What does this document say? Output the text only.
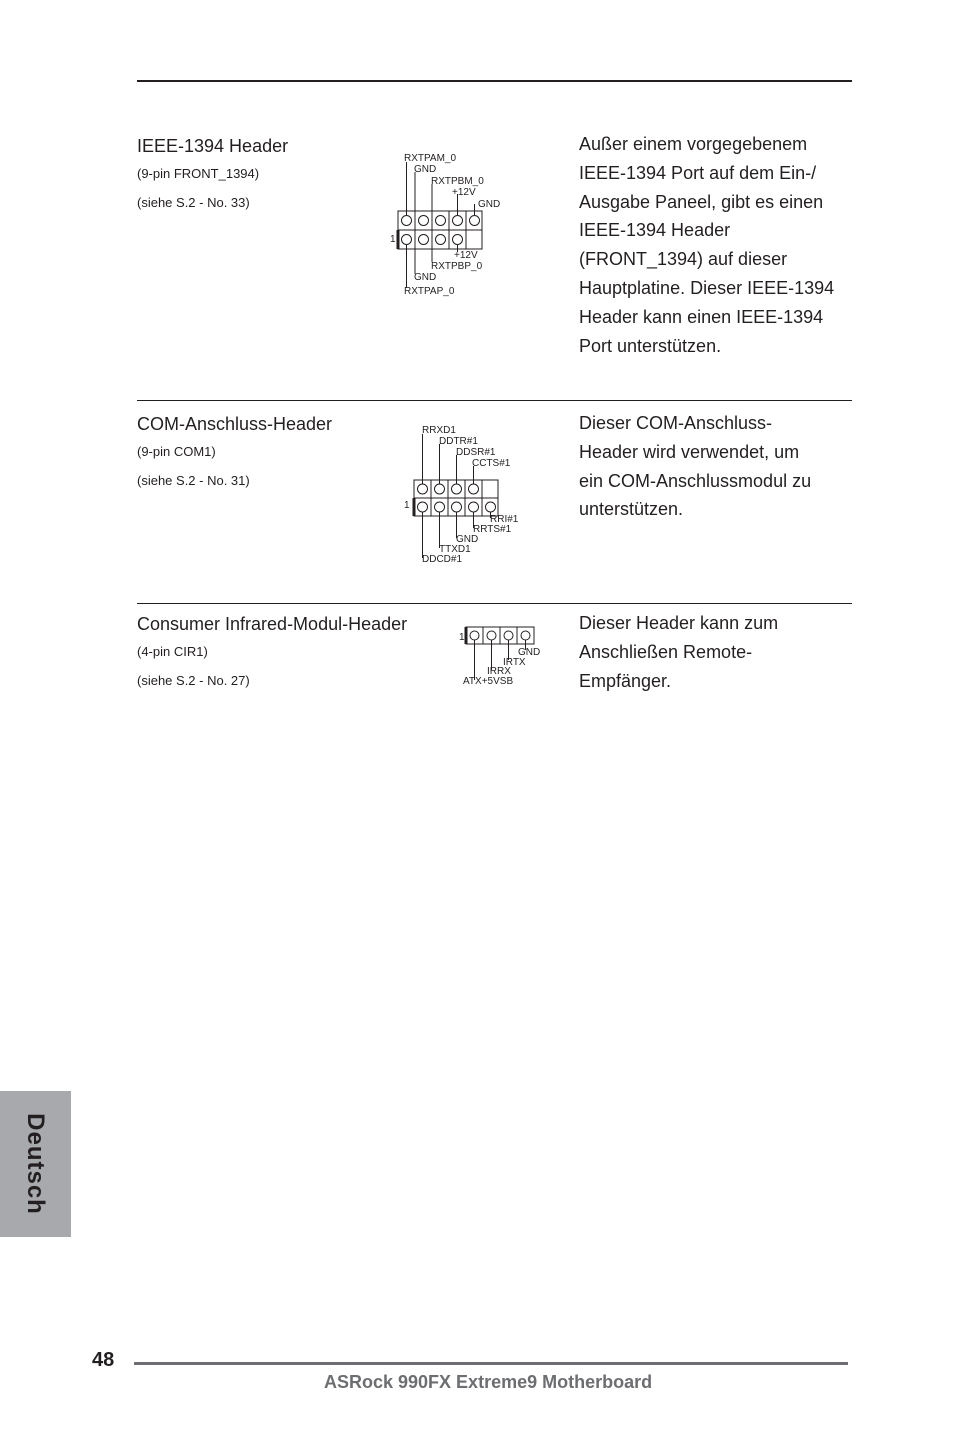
IEEE-1394 Header
(9-pin FRONT_1394)
(siehe S.2 - No. 33)
RXTPAM_0
GND
RXTPBM_0
+12V
GND
1
+12V
RXTPBP_0
GND
RXTPAP_0
Außer einem vorgegebenem
IEEE-1394 Port auf dem Ein-/
Ausgabe Paneel, gibt es einen
IEEE-1394 Header
(FRONT_1394) auf dieser
Hauptplatine. Dieser IEEE-1394
Header kann einen IEEE-1394
Port unterstützen.
COM-Anschluss-Header
(9-pin COM1)
(siehe S.2 - No. 31)
RRXD1
DDTR#1
DDSR#1
CCTS#1
1
RRI#1
RRTS#1
GND
TTXD1
DDCD#1
Dieser COM-Anschluss-
Header wird verwendet, um
ein COM-Anschlussmodul zu
unterstützen.
Consumer Infrared-Modul-Header
(4-pin CIR1)
(siehe S.2 - No. 27)
1
GND
IRTX
IRRX
ATX+5VSB
Dieser Header kann zum
Anschließen Remote-
Empfänger.
Deutsch
48
ASRock 990FX Extreme9 Motherboard
